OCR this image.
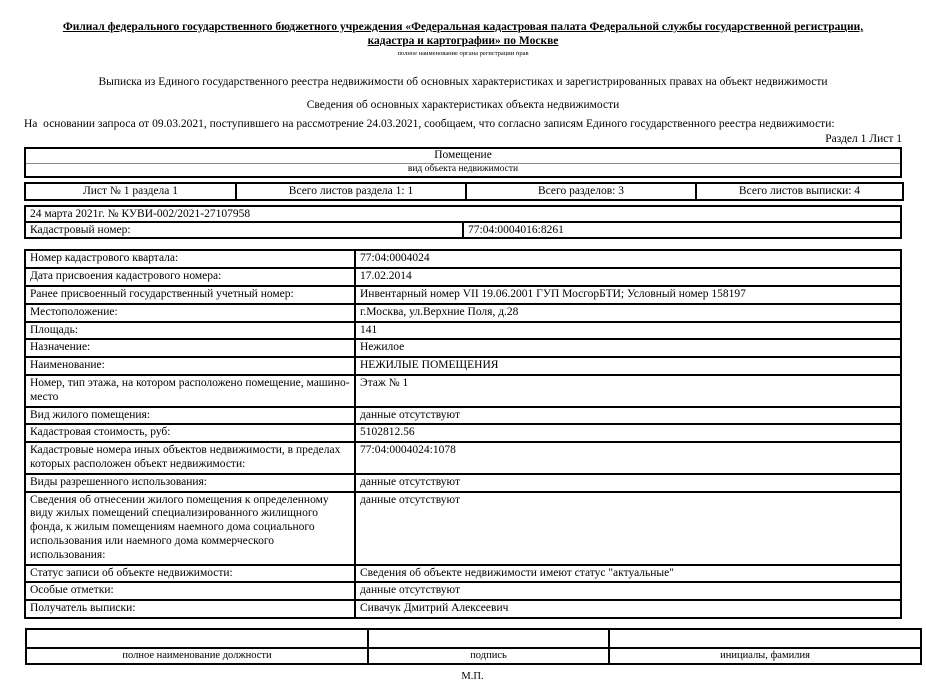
Филиал федерального государственного бюджетного учреждения «Федеральная кадастровая палата Федеральной службы государственной регистрации, кадастра и картографии» по Москве
полное наименование органа регистрации прав
Выписка из Единого государственного реестра недвижимости об основных характеристиках и зарегистрированных правах на объект недвижимости
Сведения об основных характеристиках объекта недвижимости
На  основании запроса от 09.03.2021, поступившего на рассмотрение 24.03.2021, сообщаем, что согласно записям Единого государственного реестра недвижимости:
Раздел 1 Лист 1
Помещение
вид объекта недвижимости
Лист № 1 раздела 1	Всего листов раздела 1: 1	Всего разделов: 3	Всего листов выписки: 4
24 марта 2021г. № КУВИ-002/2021-27107958
Кадастровый номер:	77:04:0004016:8261
Номер кадастрового квартала:	77:04:0004024
Дата присвоения кадастрового номера:	17.02.2014
Ранее присвоенный государственный учетный номер:	Инвентарный номер VII 19.06.2001 ГУП МосгорБТИ; Условный номер 158197
Местоположение:	г.Москва, ул.Верхние Поля, д.28
Площадь:	141
Назначение:	Нежилое
Наименование:	НЕЖИЛЫЕ ПОМЕЩЕНИЯ
Номер, тип этажа, на котором расположено помещение, машино-место	Этаж № 1
Вид жилого помещения:	данные отсутствуют
Кадастровая стоимость, руб:	5102812.56
Кадастровые номера иных объектов недвижимости, в пределах которых расположен объект недвижимости:	77:04:0004024:1078
Виды разрешенного использования:	данные отсутствуют
Сведения об отнесении жилого помещения к определенному виду жилых помещений специализированного жилищного фонда, к жилым помещениям наемного дома социального использования или наемного дома коммерческого использования:	данные отсутствуют
Статус записи об объекте недвижимости:	Сведения об объекте недвижимости имеют статус "актуальные"
Особые отметки:	данные отсутствуют
Получатель выписки:	Сивачук Дмитрий Алексеевич

полное наименование должности	подпись	инициалы, фамилия
М.П.
